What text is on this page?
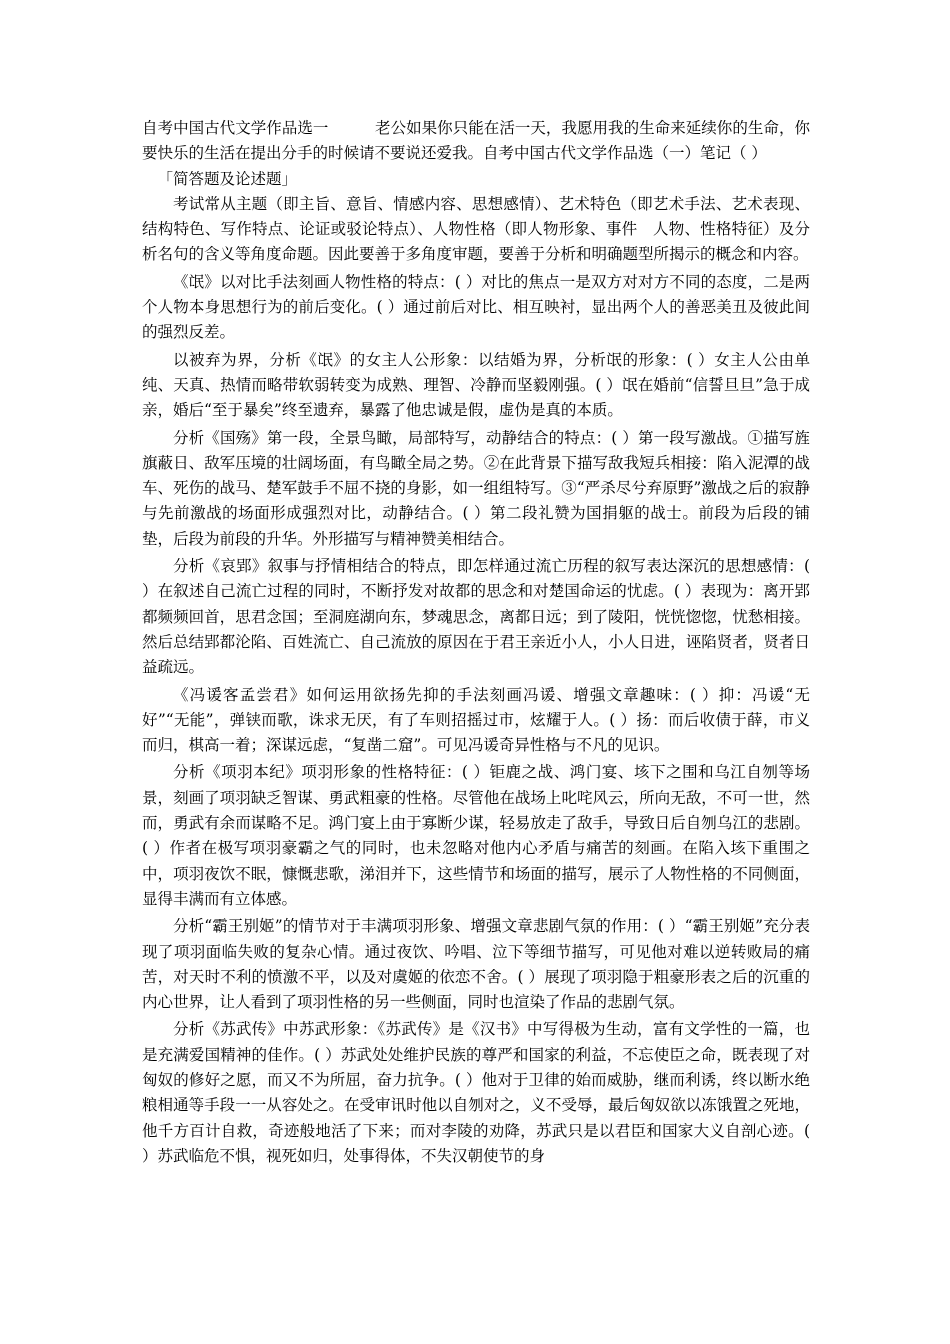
自考中国古代文学作品选一　　　老公如果你只能在活一天，我愿用我的生命来延续你的生命，你要快乐的生活在提出分手的时候请不要说还爱我。自考中国古代文学作品选（一）笔记（ ）

「简答题及论述题」

考试常从主题（即主旨、意旨、情感内容、思想感情）、艺术特色（即艺术手法、艺术表现、结构特色、写作特点、论证或驳论特点）、人物性格（即人物形象、事件　人物、性格特征）及分析名句的含义等角度命题。因此要善于多角度审题，要善于分析和明确题型所揭示的概念和内容。

《氓》以对比手法刻画人物性格的特点：( ）对比的焦点一是双方对对方不同的态度，二是两个人物本身思想行为的前后变化。( ）通过前后对比、相互映衬，显出两个人的善恶美丑及彼此间的强烈反差。

以被弃为界，分析《氓》的女主人公形象：以结婚为界，分析氓的形象：( ）女主人公由单纯、天真、热情而略带软弱转变为成熟、理智、冷静而坚毅刚强。( ）氓在婚前“信誓旦旦”急于成亲，婚后“至于暴矣”终至遗弃，暴露了他忠诚是假，虚伪是真的本质。

分析《国殇》第一段，全景鸟瞰，局部特写，动静结合的特点：( ）第一段写激战。①描写旌旗蔽日、敌军压境的壮阔场面，有鸟瞰全局之势。②在此背景下描写敌我短兵相接：陷入泥潭的战车、死伤的战马、楚军鼓手不屈不挠的身影，如一组组特写。③“严杀尽兮弃原野”激战之后的寂静与先前激战的场面形成强烈对比，动静结合。( ）第二段礼赞为国捐躯的战士。前段为后段的铺垫，后段为前段的升华。外形描写与精神赞美相结合。

分析《哀郢》叙事与抒情相结合的特点，即怎样通过流亡历程的叙写表达深沉的思想感情：( ）在叙述自己流亡过程的同时，不断抒发对故都的思念和对楚国命运的忧虑。( ）表现为：离开郢都频频回首，思君念国；至洞庭湖向东，梦魂思念，离都日远；到了陵阳，恍恍惚惚，忧愁相接。然后总结郢都沦陷、百姓流亡、自己流放的原因在于君王亲近小人，小人日进，诬陷贤者，贤者日益疏远。

《冯谖客孟尝君》如何运用欲扬先抑的手法刻画冯谖、增强文章趣味：( ）抑：冯谖“无好”“无能”，弹铗而歌，诛求无厌，有了车则招摇过市，炫耀于人。( ）扬：而后收债于薛，市义而归，棋高一着；深谋远虑，“复凿二窟”。可见冯谖奇异性格与不凡的见识。

分析《项羽本纪》项羽形象的性格特征：( ）钜鹿之战、鸿门宴、垓下之围和乌江自刎等场景，刻画了项羽缺乏智谋、勇武粗豪的性格。尽管他在战场上叱咤风云，所向无敌，不可一世，然而，勇武有余而谋略不足。鸿门宴上由于寡断少谋，轻易放走了敌手，导致日后自刎乌江的悲剧。( ）作者在极写项羽豪霸之气的同时，也未忽略对他内心矛盾与痛苦的刻画。在陷入垓下重围之中，项羽夜饮不眠，慷慨悲歌，涕泪并下，这些情节和场面的描写，展示了人物性格的不同侧面，显得丰满而有立体感。

分析“霸王别姬”的情节对于丰满项羽形象、增强文章悲剧气氛的作用：( ）“霸王别姬”充分表现了项羽面临失败的复杂心情。通过夜饮、吟唱、泣下等细节描写，可见他对难以逆转败局的痛苦，对天时不利的愤激不平，以及对虞姬的依恋不舍。( ）展现了项羽隐于粗豪形表之后的沉重的内心世界，让人看到了项羽性格的另一些侧面，同时也渲染了作品的悲剧气氛。

分析《苏武传》中苏武形象：《苏武传》是《汉书》中写得极为生动，富有文学性的一篇，也是充满爱国精神的佳作。( ）苏武处处维护民族的尊严和国家的利益，不忘使臣之命，既表现了对匈奴的修好之愿，而又不为所屈，奋力抗争。( ）他对于卫律的始而威胁，继而利诱，终以断水绝粮相通等手段一一从容处之。在受审讯时他以自刎对之，义不受辱，最后匈奴欲以冻饿置之死地，他千方百计自救，奇迹般地活了下来；而对李陵的劝降，苏武只是以君臣和国家大义自剖心迹。( ）苏武临危不惧，视死如归，处事得体，不失汉朝使节的身
